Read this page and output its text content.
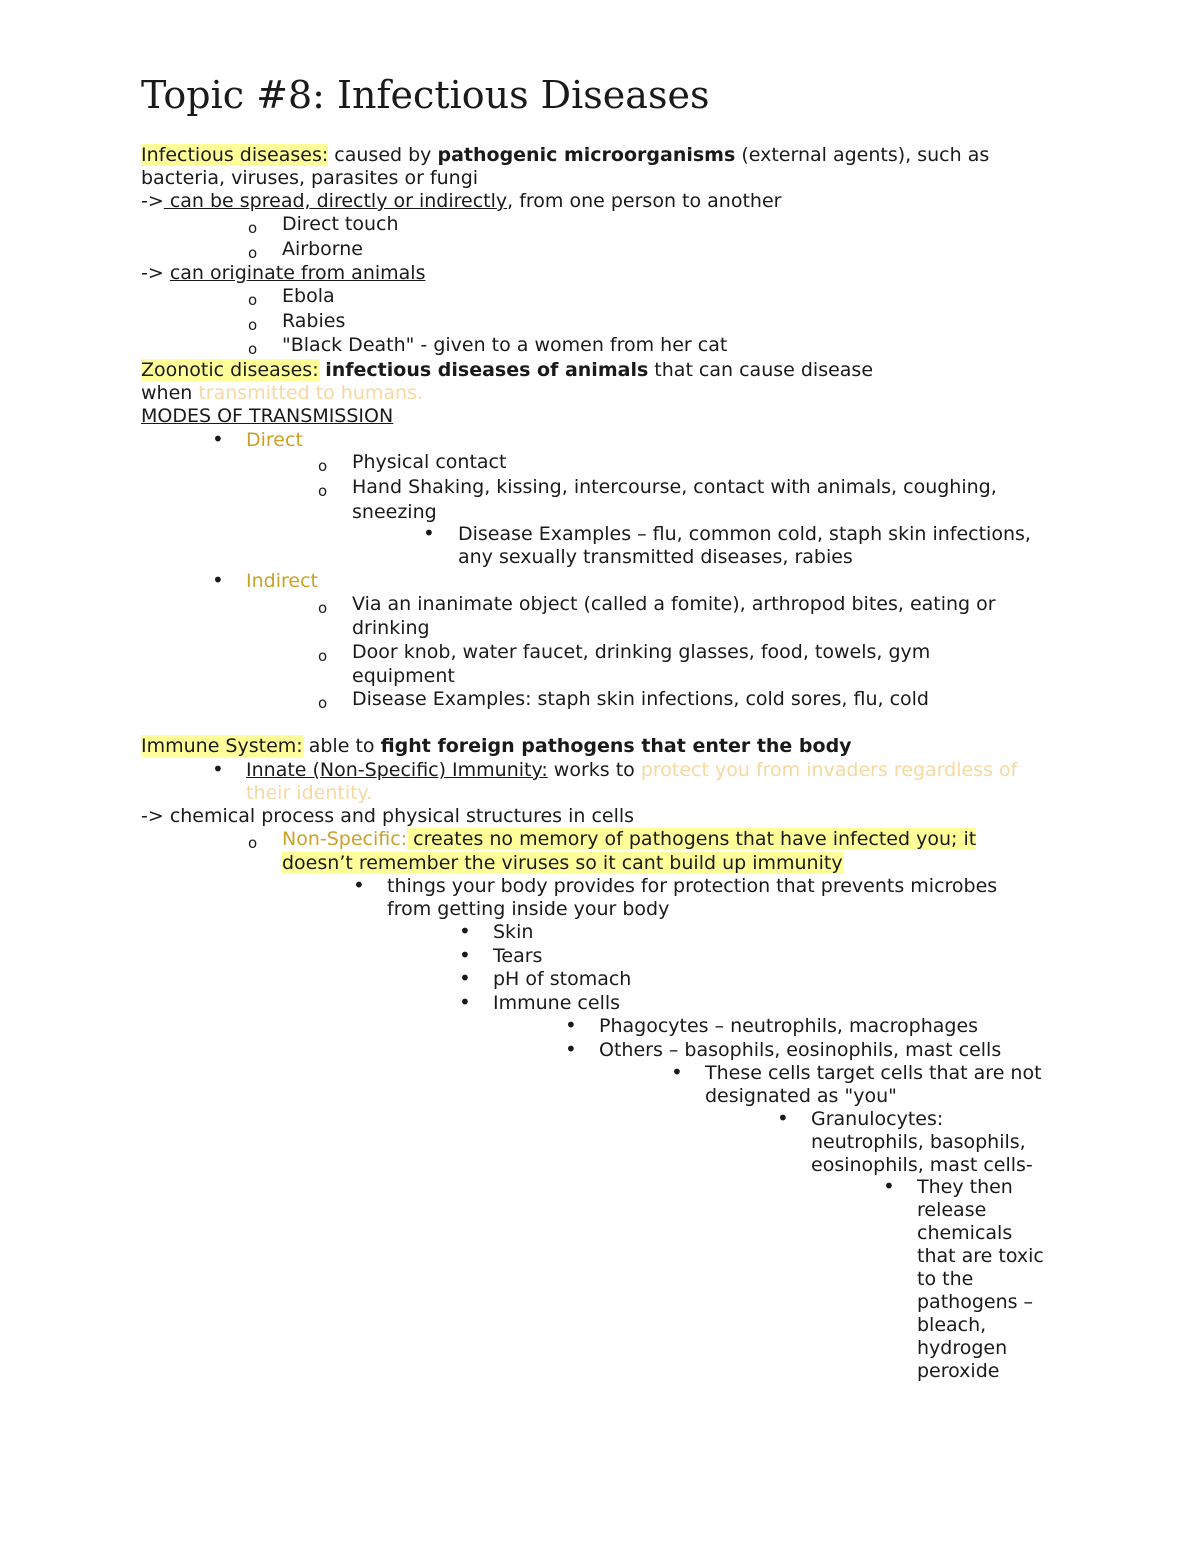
Topic #8: Infectious Diseases
Infectious diseases: caused by pathogenic microorganisms (external agents), such as
bacteria, viruses, parasites or fungi
-> can be spread, directly or indirectly, from one person to another
o Direct touch
o Airborne
-> can originate from animals
o Ebola
o Rabies
o "Black Death" - given to a women from her cat
Zoonotic diseases: infectious diseases of animals that can cause disease
when transmitted to humans.
MODES OF TRANSMISSION
• Direct
o Physical contact
o Hand Shaking, kissing, intercourse, contact with animals, coughing,
sneezing
• Disease Examples – flu, common cold, staph skin infections,
any sexually transmitted diseases, rabies
• Indirect
o Via an inanimate object (called a fomite), arthropod bites, eating or
drinking
o Door knob, water faucet, drinking glasses, food, towels, gym
equipment
o Disease Examples: staph skin infections, cold sores, flu, cold
Immune System: able to fight foreign pathogens that enter the body
• Innate (Non-Specific) Immunity: works to protect you from invaders regardless of
their identity.
-> chemical process and physical structures in cells
o Non-Specific: creates no memory of pathogens that have infected you; it
doesn’t remember the viruses so it cant build up immunity
• things your body provides for protection that prevents microbes
from getting inside your body
• Skin
• Tears
• pH of stomach
• Immune cells
• Phagocytes – neutrophils, macrophages
• Others – basophils, eosinophils, mast cells
• These cells target cells that are not
designated as "you"
• Granulocytes:
neutrophils, basophils,
eosinophils, mast cells-
• They then
release
chemicals
that are toxic
to the
pathogens –
bleach,
hydrogen
peroxide
